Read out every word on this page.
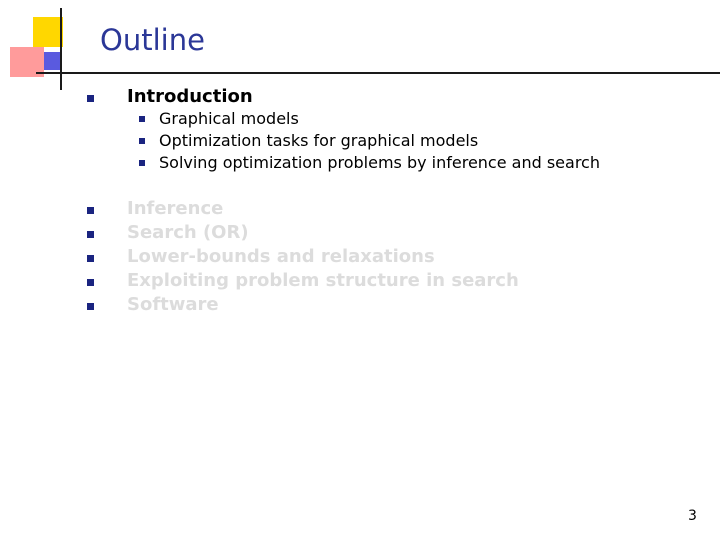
Outline
Introduction
Graphical models
Optimization tasks for graphical models
Solving optimization problems by inference and search
Inference
Search (OR)
Lower-bounds and relaxations
Exploiting problem structure in search
Software
3
